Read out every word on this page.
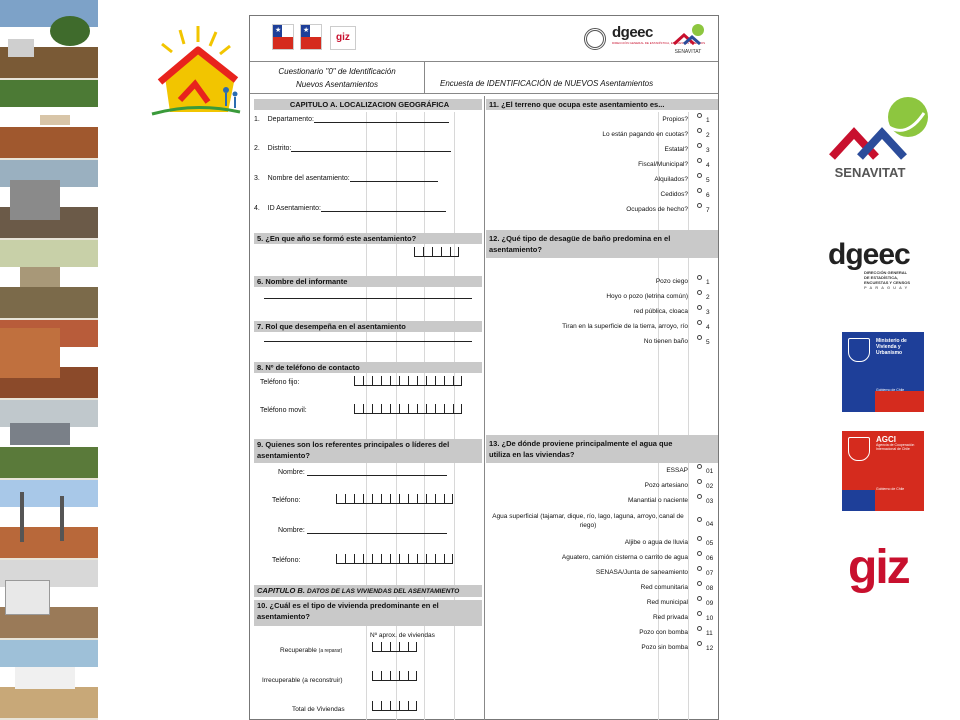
★	★
giz	dgeec
DIRECCIÓN GENERAL DE ESTADÍSTICA, ENCUESTAS Y CENSOS
SENAVITAT
Cuestionario "0" de Identificación
Nuevos Asentamientos	Encuesta de IDENTIFICACIÓN de NUEVOS Asentamientos
CAPITULO A. LOCALIZACION GEOGRÁFICA
1. Departamento:
2. Distrito:
3. Nombre del asentamiento:
4. ID Asentamiento:
5. ¿En que año se formó este asentamiento?
6. Nombre del informante
7. Rol que desempeña en el asentamiento
8. Nº de teléfono de contacto
Teléfono fijo:
Teléfono movil:
9. Quienes son los referentes principales o líderes del
asentamiento?
Nombre:
Teléfono:
Nombre:
Teléfono:
CAPITULO B. DATOS DE LAS VIVIENDAS DEL ASENTAMIENTO
10. ¿Cuál es el tipo de vivienda predominante en el
asentamiento?
Nº aprox. de viviendas
Recuperable (a reparar)
Irrecuperable (a reconstruir)
Total de Viviendas
11. ¿El terreno que ocupa este asentamiento es...
Propios?	1
Lo están pagando en cuotas?	2
Estatal?	3
Fiscal/Municipal?	4
Alquilados?	5
Cedidos?	6
Ocupados de hecho?	7
12. ¿Qué tipo de desagüe de baño predomina en el
asentamiento?
Pozo ciego	1
Hoyo o pozo (letrina común)	2
red pública, cloaca	3
Tiran en la superficie de la tierra, arroyo, río	4
No tienen baño	5
13. ¿De dónde proviene principalmente el agua que
utiliza en las viviendas?
ESSAP	01
Pozo artesiano	02
Manantial o naciente	03
Agua superficial (tajamar, dique, río, lago, laguna, arroyo, canal de riego)	04
Aljibe o agua de lluvia	05
Aguatero, camión cisterna o carrito de agua	06
SENASA/Junta de saneamiento	07
Red comunitaria	08
Red municipal	09
Red privada	10
Pozo con bomba	11
Pozo sin bomba	12
SENAVITAT
dgeec
DIRECCIÓN GENERAL
DE ESTADÍSTICA,
ENCUESTAS Y CENSOS
PARAGUAY
Ministerio de Vivienda y Urbanismo
Gobierno de Chile
AGCI
Agencia de Cooperación Internacional de Chile
Gobierno de Chile
giz
